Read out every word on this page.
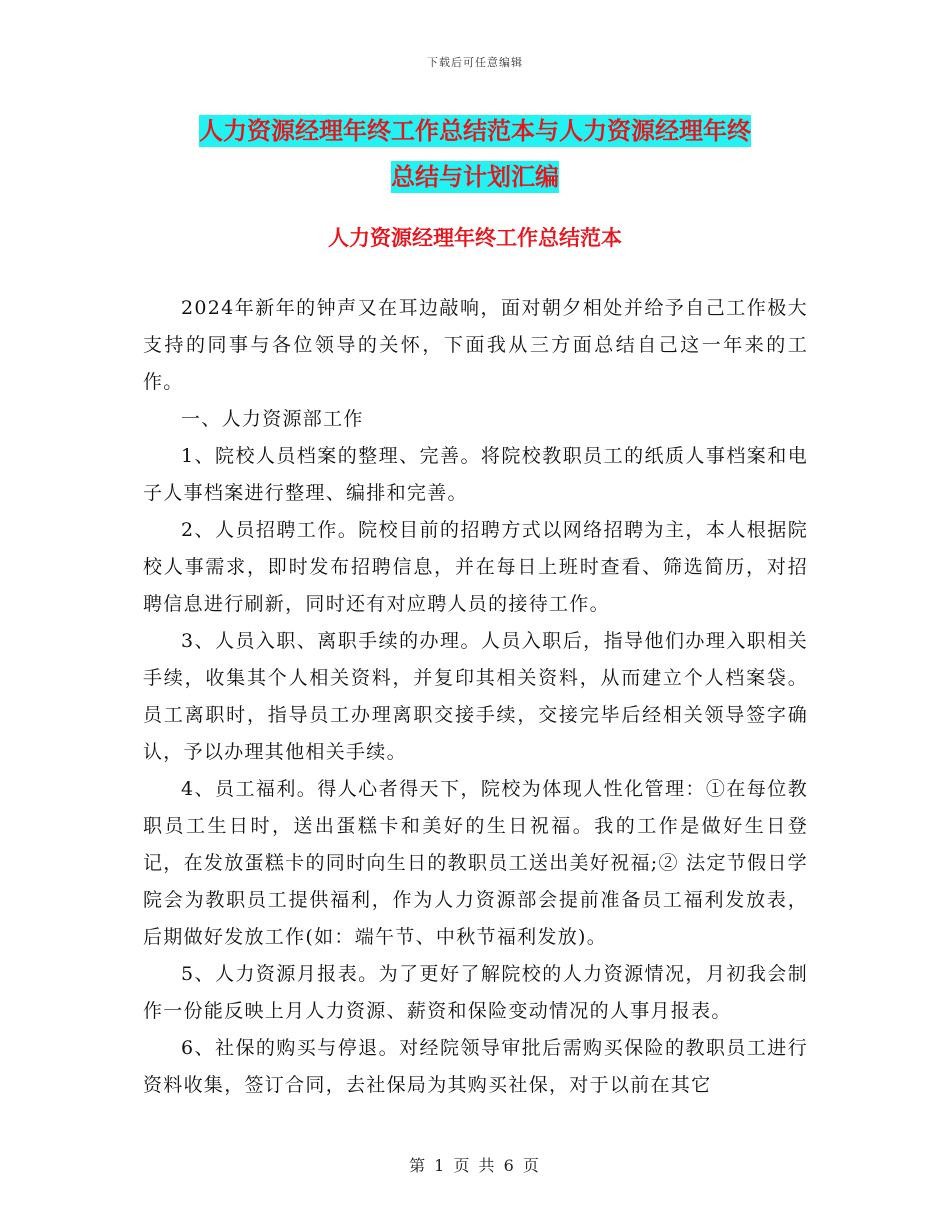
下载后可任意编辑
人力资源经理年终工作总结范本与人力资源经理年终
总结与计划汇编
人力资源经理年终工作总结范本

2024年新年的钟声又在耳边敲响，面对朝夕相处并给予自己工作极大支持的同事与各位领导的关怀，下面我从三方面总结自己这一年来的工作。

一、人力资源部工作

1、院校人员档案的整理、完善。将院校教职员工的纸质人事档案和电子人事档案进行整理、编排和完善。

2、人员招聘工作。院校目前的招聘方式以网络招聘为主，本人根据院校人事需求，即时发布招聘信息，并在每日上班时查看、筛选简历，对招聘信息进行刷新，同时还有对应聘人员的接待工作。

3、人员入职、离职手续的办理。人员入职后，指导他们办理入职相关手续，收集其个人相关资料，并复印其相关资料，从而建立个人档案袋。员工离职时，指导员工办理离职交接手续，交接完毕后经相关领导签字确认，予以办理其他相关手续。

4、员工福利。得人心者得天下，院校为体现人性化管理：①在每位教职员工生日时，送出蛋糕卡和美好的生日祝福。我的工作是做好生日登记，在发放蛋糕卡的同时向生日的教职员工送出美好祝福;② 法定节假日学院会为教职员工提供福利，作为人力资源部会提前准备员工福利发放表，后期做好发放工作(如：端午节、中秋节福利发放)。

5、人力资源月报表。为了更好了解院校的人力资源情况，月初我会制作一份能反映上月人力资源、薪资和保险变动情况的人事月报表。

6、社保的购买与停退。对经院领导审批后需购买保险的教职员工进行资料收集，签订合同，去社保局为其购买社保，对于以前在其它

第 1 页 共 6 页
